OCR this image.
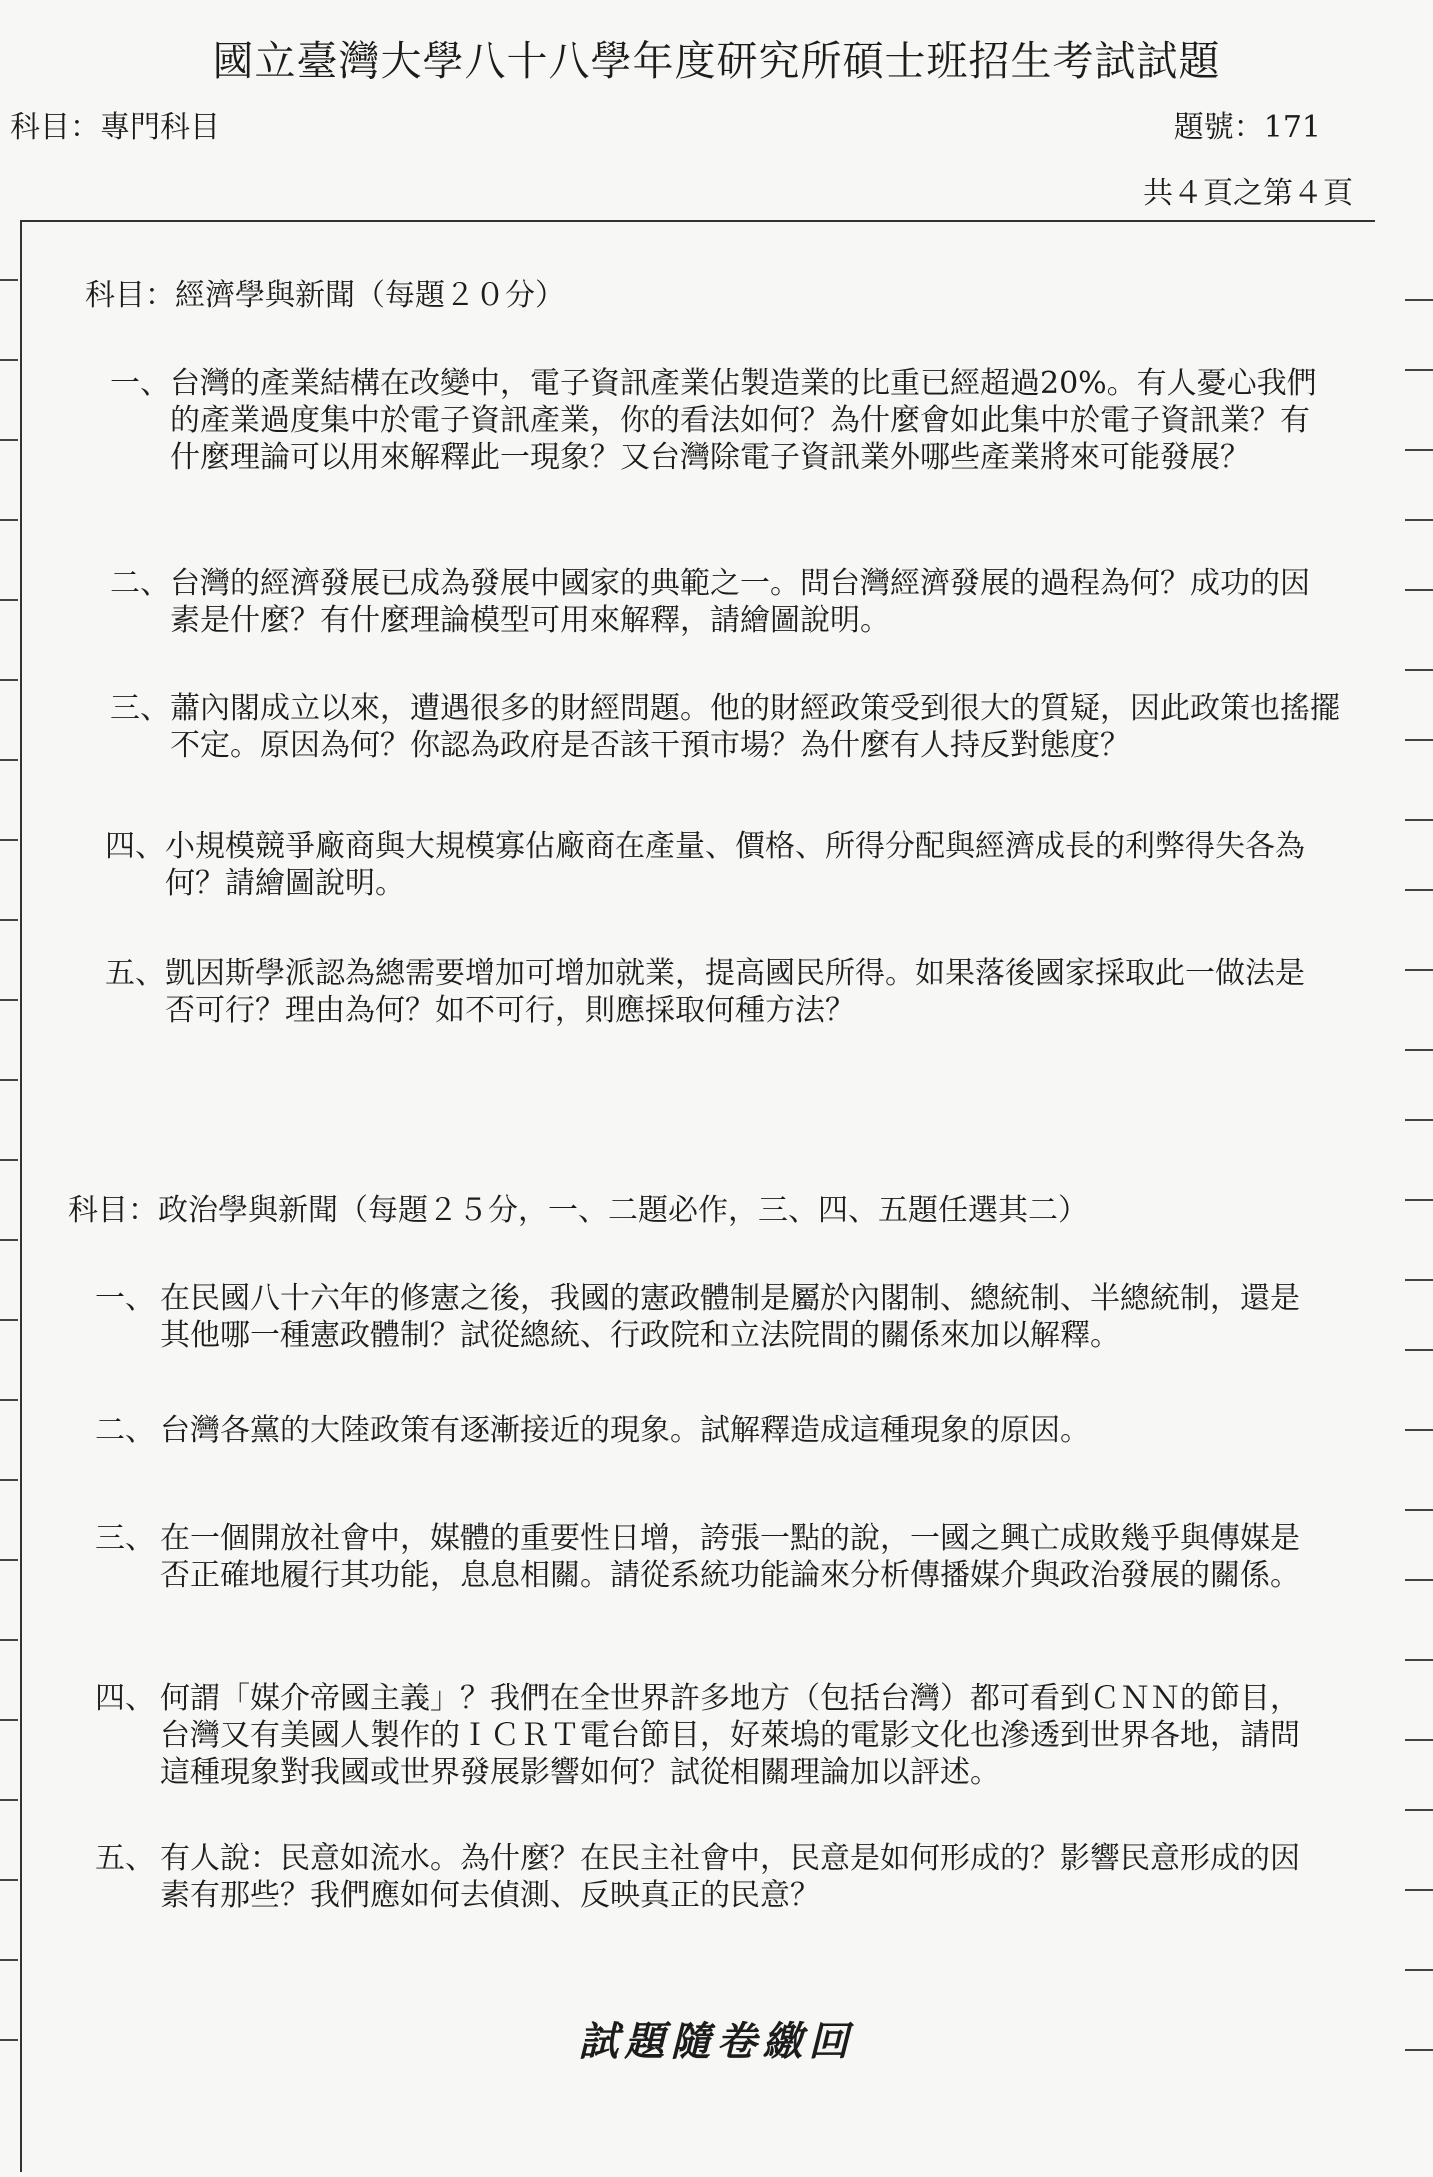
國立臺灣大學八十八學年度研究所碩士班招生考試試題
科目：專門科目	題號：171
共４頁之第４頁
科目：經濟學與新聞（每題２０分）
一、 台灣的產業結構在改變中，電子資訊產業佔製造業的比重已經超過20%。有人憂心我們的產業過度集中於電子資訊產業，你的看法如何？為什麼會如此集中於電子資訊業？有什麼理論可以用來解釋此一現象？又台灣除電子資訊業外哪些產業將來可能發展？
二、 台灣的經濟發展已成為發展中國家的典範之一。問台灣經濟發展的過程為何？成功的因素是什麼？有什麼理論模型可用來解釋，請繪圖說明。
三、 蕭內閣成立以來，遭遇很多的財經問題。他的財經政策受到很大的質疑，因此政策也搖擺不定。原因為何？你認為政府是否該干預市場？為什麼有人持反對態度？
四、 小規模競爭廠商與大規模寡佔廠商在產量、價格、所得分配與經濟成長的利弊得失各為何？請繪圖說明。
五、 凱因斯學派認為總需要增加可增加就業，提高國民所得。如果落後國家採取此一做法是否可行？理由為何？如不可行，則應採取何種方法？
科目：政治學與新聞（每題２５分，一、二題必作，三、四、五題任選其二）
一、 在民國八十六年的修憲之後，我國的憲政體制是屬於內閣制、總統制、半總統制，還是其他哪一種憲政體制？試從總統、行政院和立法院間的關係來加以解釋。
二、 台灣各黨的大陸政策有逐漸接近的現象。試解釋造成這種現象的原因。
三、 在一個開放社會中，媒體的重要性日增，誇張一點的說，一國之興亡成敗幾乎與傳媒是否正確地履行其功能，息息相關。請從系統功能論來分析傳播媒介與政治發展的關係。
四、 何謂「媒介帝國主義」？我們在全世界許多地方（包括台灣）都可看到ＣＮＮ的節目，台灣又有美國人製作的ＩＣＲＴ電台節目，好萊塢的電影文化也滲透到世界各地，請問這種現象對我國或世界發展影響如何？試從相關理論加以評述。
五、 有人說：民意如流水。為什麼？在民主社會中，民意是如何形成的？影響民意形成的因素有那些？我們應如何去偵測、反映真正的民意？
試題隨卷繳回
